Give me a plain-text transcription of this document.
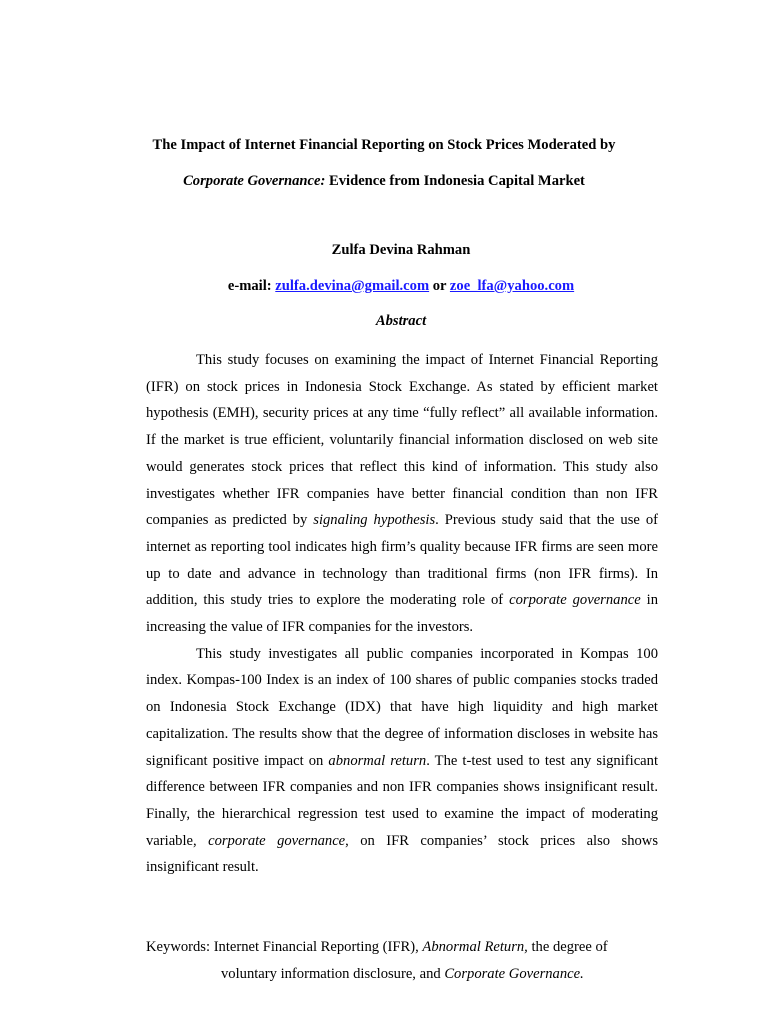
The Impact of Internet Financial Reporting on Stock Prices Moderated by
Corporate Governance: Evidence from Indonesia Capital Market
Zulfa Devina Rahman
e-mail: zulfa.devina@gmail.com or zoe_lfa@yahoo.com
Abstract

This study focuses on examining the impact of Internet Financial Reporting (IFR) on stock prices in Indonesia Stock Exchange. As stated by efficient market hypothesis (EMH), security prices at any time “fully reflect” all available information. If the market is true efficient, voluntarily financial information disclosed on web site would generates stock prices that reflect this kind of information. This study also investigates whether IFR companies have better financial condition than non IFR companies as predicted by signaling hypothesis. Previous study said that the use of internet as reporting tool indicates high firm’s quality because IFR firms are seen more up to date and advance in technology than traditional firms (non IFR firms). In addition, this study tries to explore the moderating role of corporate governance in increasing the value of IFR companies for the investors.

This study investigates all public companies incorporated in Kompas 100 index. Kompas-100 Index is an index of 100 shares of public companies stocks traded on Indonesia Stock Exchange (IDX) that have high liquidity and high market capitalization. The results show that the degree of information discloses in website has significant positive impact on abnormal return. The t-test used to test any significant difference between IFR companies and non IFR companies shows insignificant result. Finally, the hierarchical regression test used to examine the impact of moderating variable, corporate governance, on IFR companies’ stock prices also shows insignificant result.

Keywords: Internet Financial Reporting (IFR), Abnormal Return, the degree of
voluntary information disclosure, and Corporate Governance.
